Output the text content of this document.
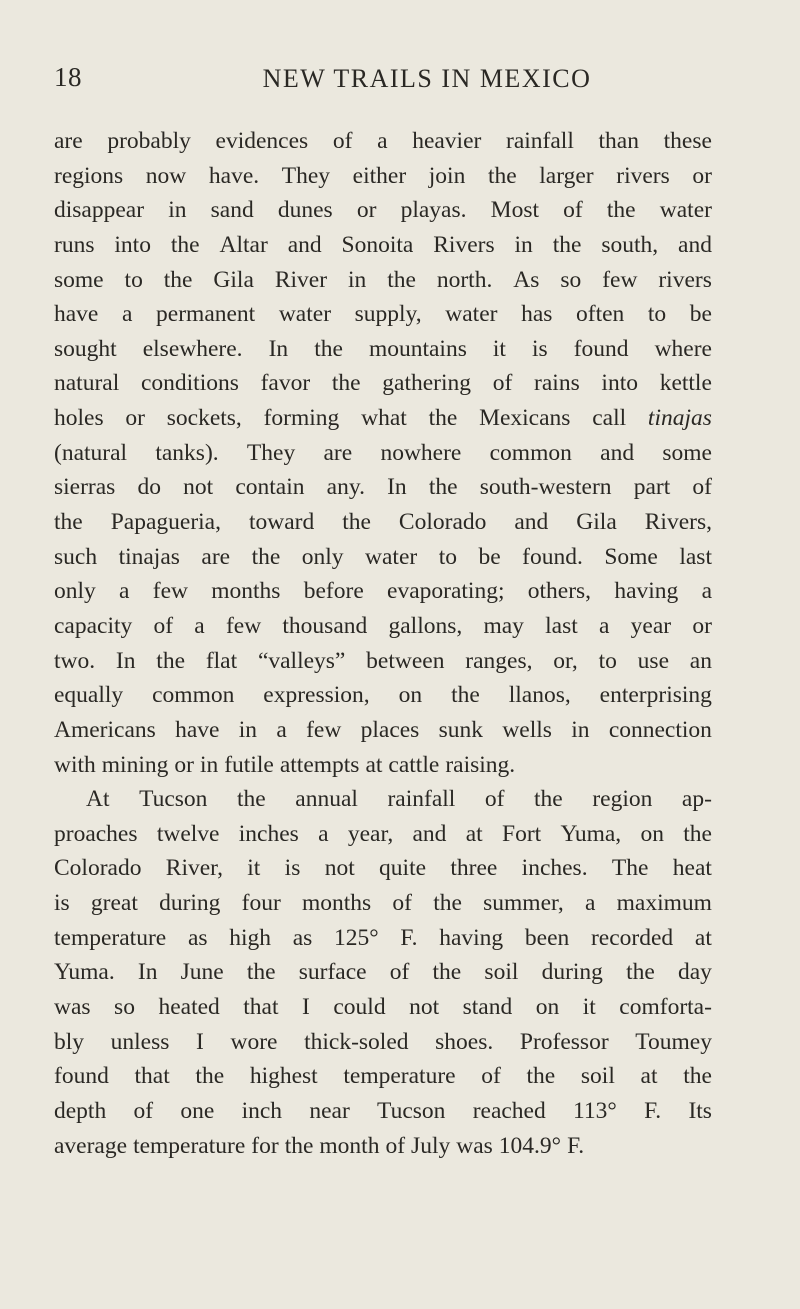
18	NEW TRAILS IN MEXICO
are probably evidences of a heavier rainfall than these
regions now have. They either join the larger rivers or
disappear in sand dunes or playas. Most of the water
runs into the Altar and Sonoita Rivers in the south, and
some to the Gila River in the north. As so few rivers
have a permanent water supply, water has often to be
sought elsewhere. In the mountains it is found where
natural conditions favor the gathering of rains into kettle
holes or sockets, forming what the Mexicans call tinajas
(natural tanks). They are nowhere common and some
sierras do not contain any. In the south-western part of
the Papagueria, toward the Colorado and Gila Rivers,
such tinajas are the only water to be found. Some last
only a few months before evaporating; others, having a
capacity of a few thousand gallons, may last a year or
two. In the flat “valleys” between ranges, or, to use an
equally common expression, on the llanos, enterprising
Americans have in a few places sunk wells in connection
with mining or in futile attempts at cattle raising.
At Tucson the annual rainfall of the region ap-
proaches twelve inches a year, and at Fort Yuma, on the
Colorado River, it is not quite three inches. The heat
is great during four months of the summer, a maximum
temperature as high as 125° F. having been recorded at
Yuma. In June the surface of the soil during the day
was so heated that I could not stand on it comforta-
bly unless I wore thick-soled shoes. Professor Toumey
found that the highest temperature of the soil at the
depth of one inch near Tucson reached 113° F. Its
average temperature for the month of July was 104.9° F.
